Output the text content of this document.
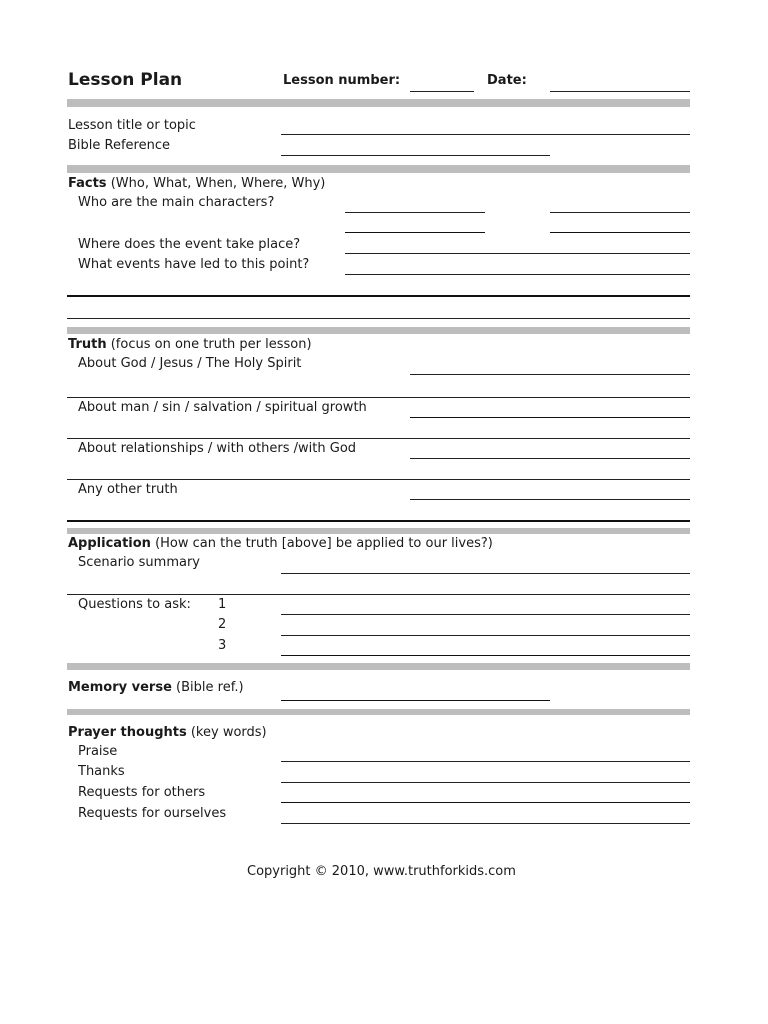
Lesson Plan	Lesson number:	Date:
Lesson title or topic
Bible Reference
Facts (Who, What, When, Where, Why)
Who are the main characters?
Where does the event take place?
What events have led to this point?
Truth (focus on one truth per lesson)
About God / Jesus / The Holy Spirit
About man / sin / salvation / spiritual growth
About relationships / with others /with God
Any other truth
Application (How can the truth [above] be applied to our lives?)
Scenario summary
Questions to ask: 1
2
3
Memory verse (Bible ref.)
Prayer thoughts (key words)
Praise
Thanks
Requests for others
Requests for ourselves
Copyright © 2010, www.truthforkids.com
